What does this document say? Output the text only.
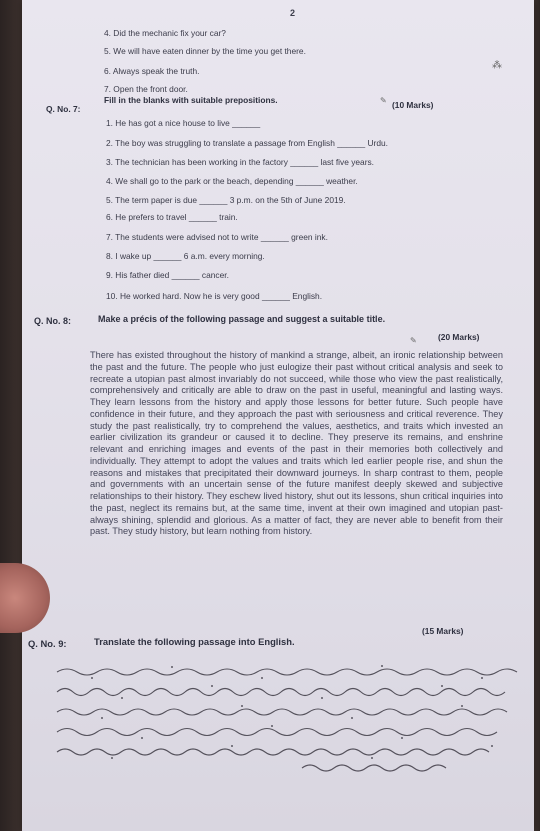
2
4. Did the mechanic fix your car?
5. We will have eaten dinner by the time you get there.
6. Always speak the truth.
7. Open the front door.
Q. No. 7:
Fill in the blanks with suitable prepositions.	(10 Marks)
1. He has got a nice house to live ______
2. The boy was struggling to translate a passage from English ______ Urdu.
3. The technician has been working in the factory ______ last five years.
4. We shall go to the park or the beach, depending ______ weather.
5. The term paper is due ______ 3 p.m. on the 5th of June 2019.
6. He prefers to travel ______ train.
7. The students were advised not to write ______ green ink.
8. I wake up ______ 6 a.m. every morning.
9. His father died ______ cancer.
10. He worked hard. Now he is very good ______ English.
Q. No. 8:	Make a précis of the following passage and suggest a suitable title.
(20 Marks)
There has existed throughout the history of mankind a strange, albeit, an ironic relationship between the past and the future. The people who just eulogize their past without critical analysis and seek to recreate a utopian past almost invariably do not succeed, while those who view the past realistically, comprehensively and critically are able to draw on the past in useful, meaningful and lasting ways. They learn lessons from the history and apply those lessons for better future. Such people have confidence in their future, and they approach the past with seriousness and critical reverence. They study the past realistically, try to comprehend the values, aesthetics, and traits which invested an earlier civilization its grandeur or caused it to decline. They preserve its remains, and enshrine relevant and enriching images and events of the past in their memories both collectively and individually. They attempt to adopt the values and traits which led earlier people rise, and shun the reasons and mistakes that precipitated their downward journeys. In sharp contrast to them, people and governments with an uncertain sense of the future manifest deeply skewed and subjective relationships to their history. They eschew lived history, shut out its lessons, shun critical inquiries into the past, neglect its remains but, at the same time, invent at their own imagined and utopian past-always shining, splendid and glorious. As a matter of fact, they are never able to benefit from their past. They study history, but learn nothing from history.
Q. No. 9:	Translate the following passage into English.
(15 Marks)
✎
✎
⁂
